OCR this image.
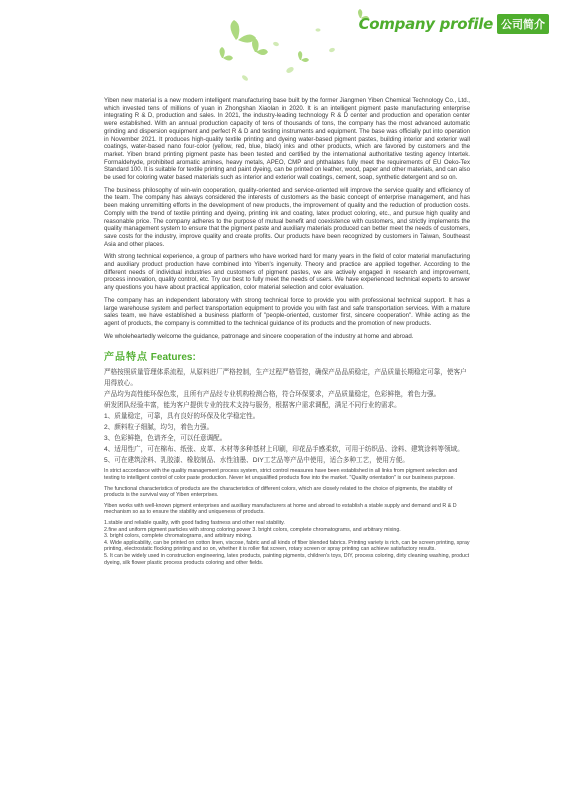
Company profile 公司简介

Yiben new material is a new modern intelligent manufacturing base built by the former Jiangmen Yiben Chemical Technology Co., Ltd., which invested tens of millions of yuan in Zhongshan Xiaolan in 2020. It is an intelligent pigment paste manufacturing enterprise integrating R & D, production and sales. In 2021, the industry-leading technology R & D center and production and operation center were established. With an annual production capacity of tens of thousands of tons, the company has the most advanced automatic grinding and dispersion equipment and perfect R & D and testing instruments and equipment. The base was officially put into operation in November 2021. It produces high-quality textile printing and dyeing water-based pigment pastes, building interior and exterior wall coatings, water-based nano four-color (yellow, red, blue, black) inks and other products, which are favored by customers and the market. Yiben brand printing pigment paste has been tested and certified by the international authoritative testing agency Intertek. Formaldehyde, prohibited aromatic amines, heavy metals, APEO, CMP and phthalates fully meet the requirements of EU Oeko-Tex Standard 100. It is suitable for textile printing and paint dyeing, can be printed on leather, wood, paper and other materials, and can also be used for coloring water based materials such as interior and exterior wall coatings, cement, soap, synthetic detergent and so on.

The business philosophy of win-win cooperation, quality-oriented and service-oriented will improve the service quality and efficiency of the team. The company has always considered the interests of customers as the basic concept of enterprise management, and has been making unremitting efforts in the development of new products, the improvement of quality and the reduction of production costs. Comply with the trend of textile printing and dyeing, printing ink and coating, latex product coloring, etc., and pursue high quality and reasonable price. The company adheres to the purpose of mutual benefit and coexistence with customers, and strictly implements the quality management system to ensure that the pigment paste and auxiliary materials produced can better meet the needs of customers, save costs for the industry, improve quality and create profits. Our products have been recognized by customers in Taiwan, Southeast Asia and other places.

With strong technical experience, a group of partners who have worked hard for many years in the field of color material manufacturing and auxiliary product production have combined into Yiben's ingenuity. Theory and practice are applied together. According to the different needs of individual industries and customers of pigment pastes, we are actively engaged in research and improvement, process innovation, quality control, etc. Try our best to fully meet the needs of users. We have experienced technical experts to answer any questions you have about practical application, color material selection and color evaluation.

The company has an independent laboratory with strong technical force to provide you with professional technical support. It has a large warehouse system and perfect transportation equipment to provide you with fast and safe transportation services. With a mature sales team, we have established a business platform of "people-oriented, customer first, sincere cooperation". While acting as the agent of products, the company is committed to the technical guidance of its products and the promotion of new products.

We wholeheartedly welcome the guidance, patronage and sincere cooperation of the industry at home and abroad.

产品特点 Features:

严格按照质量管理体系流程，从原料进厂严格控制，生产过程严格管控，确保产品品质稳定，产品质量长期稳定可靠，使客户用得放心。

产品均为高性能环保色浆，且所有产品经专业机构检测合格，符合环保要求，产品质量稳定，色彩鲜艳，着色力强。

研发团队经验丰富，能为客户提供专业的技术支持与服务，根据客户需求调配，满足不同行业的需求。

1、质量稳定，可靠，具有良好的环保及化学稳定性。

2、颜料粒子细腻，均匀，着色力强。

3、色彩鲜艳，色谱齐全，可以任意调配。

4、适用性广，可在棉布、纸张、皮革、木材等多种基材上印刷，印花品手感柔软，可用于纺织品、涂料、建筑涂料等领域。

5、可在建筑涂料、乳胶漆、橡胶制品、水性油墨、DIY工艺品等产品中使用，适合多种工艺，使用方便。

In strict accordance with the quality management process system, strict control measures have been established in all links from pigment selection and testing to intelligent control of color paste production. Never let unqualified products flow into the market. "Quality orientation" is our business purpose.

The functional characteristics of products are the characteristics of different colors, which are closely related to the choice of pigments, the stability of products is the survival way of Yiben enterprises.

Yiben works with well-known pigment enterprises and auxiliary manufacturers at home and abroad to establish a stable supply and demand and R & D mechanism so as to ensure the stability and uniqueness of products.

1.stable and reliable quality, with good fading fastness and other real stability.

2.fine and uniform pigment particles with strong coloring power 3. bright colors, complete chromatograms, and arbitrary mixing.

3. bright colors, complete chromatograms, and arbitrary mixing.

4. Wide applicability, can be printed on cotton linen, viscose, fabric and all kinds of fiber blended fabrics. Printing variety is rich, can be screen printing, spray printing, electrostatic flocking printing and so on, whether it is roller flat screen, rotary screen or spray printing can achieve satisfactory results.

5. It can be widely used in construction engineering, latex products, painting pigments, children's toys, DIY, process coloring, dirty cleaning washing, product dyeing, silk flower plastic process products coloring and other fields.
